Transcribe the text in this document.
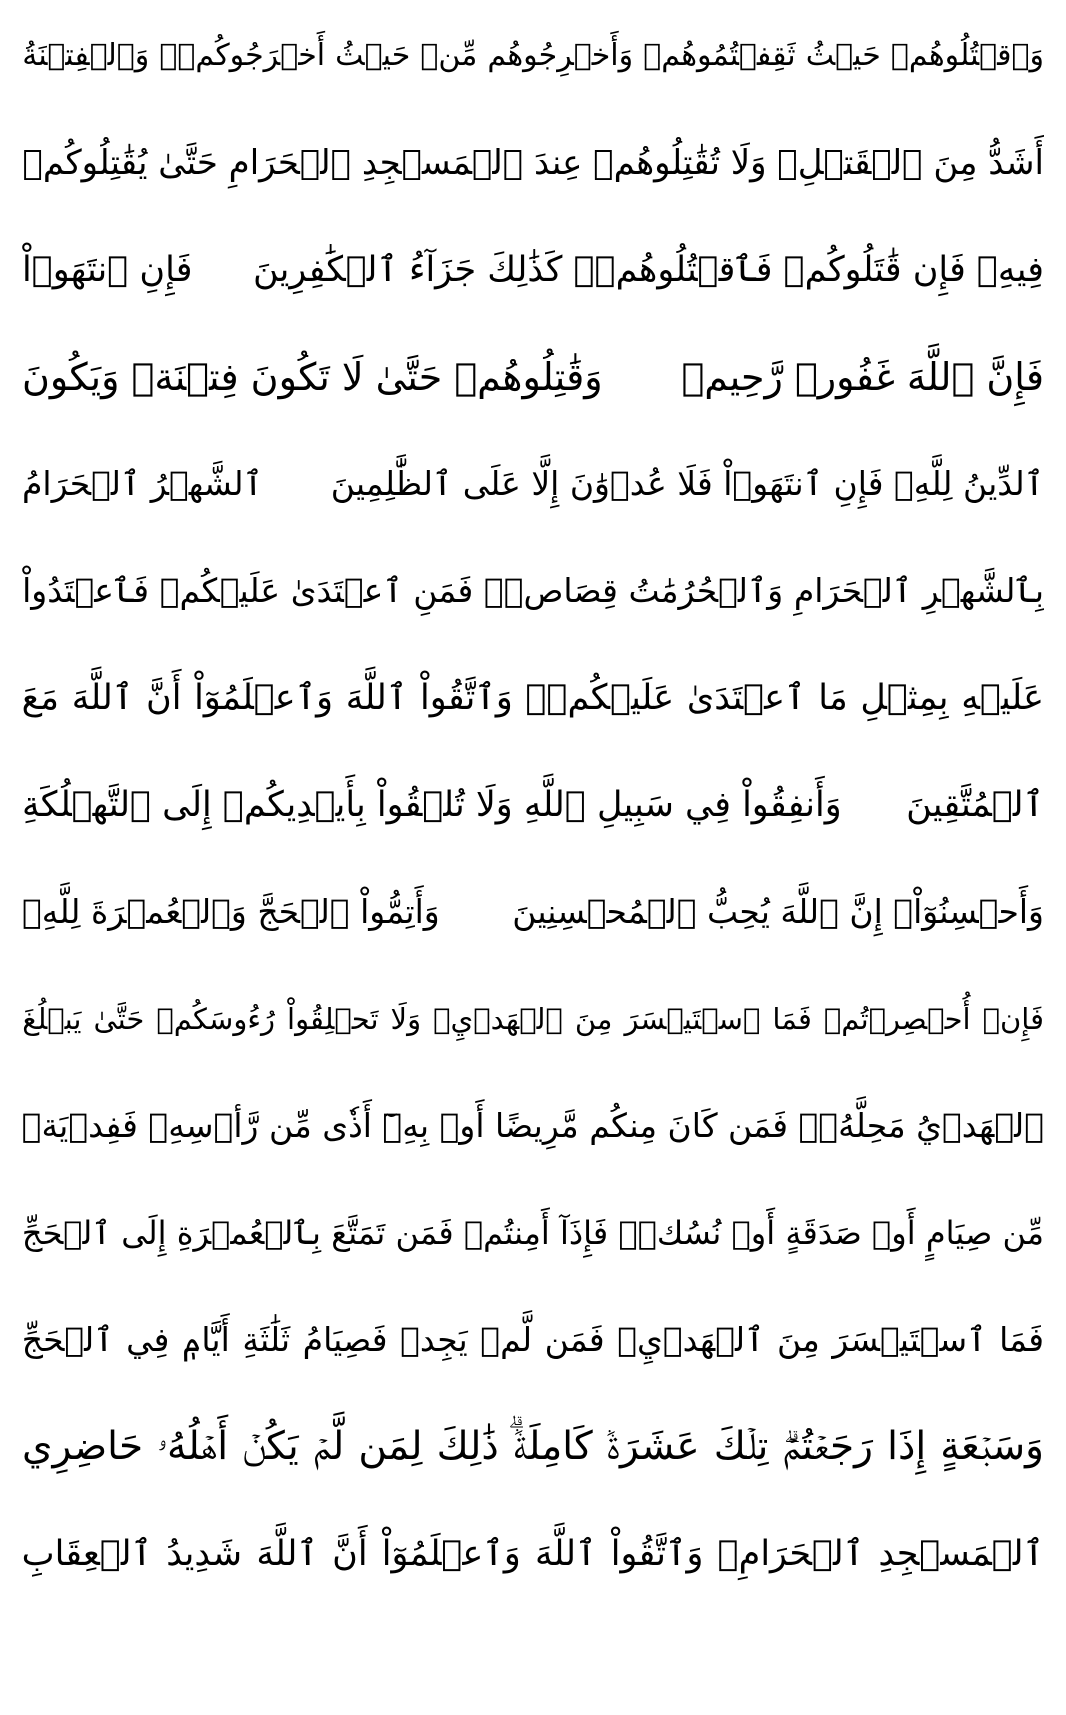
وَٱقۡتُلُوهُمۡ حَيۡثُ ثَقِفۡتُمُوهُمۡ وَأَخۡرِجُوهُم مِّنۡ حَيۡثُ أَخۡرَجُوكُمۡۚ وَٱلۡفِتۡنَةُ
أَشَدُّ مِنَ ٱلۡقَتۡلِۚ وَلَا تُقَٰتِلُوهُمۡ عِندَ ٱلۡمَسۡجِدِ ٱلۡحَرَامِ حَتَّىٰ يُقَٰتِلُوكُمۡ
فِيهِۖ فَإِن قَٰتَلُوكُمۡ فَٱقۡتُلُوهُمۡۗ كَذَٰلِكَ جَزَآءُ ٱلۡكَٰفِرِينَ
فَإِنِ ٱنتَهَوۡاْ
فَإِنَّ ٱللَّهَ غَفُورٞ رَّحِيمٞ
وَقَٰتِلُوهُمۡ حَتَّىٰ لَا تَكُونَ فِتۡنَةٞ وَيَكُونَ
ٱلدِّينُ لِلَّهِۖ فَإِنِ ٱنتَهَوۡاْ فَلَا عُدۡوَٰنَ إِلَّا عَلَى ٱلظَّٰلِمِينَ
ٱلشَّهۡرُ ٱلۡحَرَامُ
بِٱلشَّهۡرِ ٱلۡحَرَامِ وَٱلۡحُرُمَٰتُ قِصَاصٞۚ فَمَنِ ٱعۡتَدَىٰ عَلَيۡكُمۡ فَٱعۡتَدُواْ
عَلَيۡهِ بِمِثۡلِ مَا ٱعۡتَدَىٰ عَلَيۡكُمۡۚ وَٱتَّقُواْ ٱللَّهَ وَٱعۡلَمُوٓاْ أَنَّ ٱللَّهَ مَعَ
ٱلۡمُتَّقِينَ
وَأَنفِقُواْ فِي سَبِيلِ ٱللَّهِ وَلَا تُلۡقُواْ بِأَيۡدِيكُمۡ إِلَى ٱلتَّهۡلُكَةِ
وَأَحۡسِنُوٓاْۚ إِنَّ ٱللَّهَ يُحِبُّ ٱلۡمُحۡسِنِينَ
وَأَتِمُّواْ ٱلۡحَجَّ وَٱلۡعُمۡرَةَ لِلَّهِۚ
فَإِنۡ أُحۡصِرۡتُمۡ فَمَا ٱسۡتَيۡسَرَ مِنَ ٱلۡهَدۡيِۖ وَلَا تَحۡلِقُواْ رُءُوسَكُمۡ حَتَّىٰ يَبۡلُغَ
ٱلۡهَدۡيُ مَحِلَّهُۥۚ فَمَن كَانَ مِنكُم مَّرِيضًا أَوۡ بِهِۦٓ أَذٗى مِّن رَّأۡسِهِۦ فَفِدۡيَةٞ
مِّن صِيَامٍ أَوۡ صَدَقَةٍ أَوۡ نُسُكٖۚ فَإِذَآ أَمِنتُمۡ فَمَن تَمَتَّعَ بِٱلۡعُمۡرَةِ إِلَى ٱلۡحَجِّ
فَمَا ٱسۡتَيۡسَرَ مِنَ ٱلۡهَدۡيِۚ فَمَن لَّمۡ يَجِدۡ فَصِيَامُ ثَلَٰثَةِ أَيَّامٖ فِي ٱلۡحَجِّ
وَسَبۡعَةٍ إِذَا رَجَعۡتُمۡۗ تِلۡكَ عَشَرَةٞ كَامِلَةٞۗ ذَٰلِكَ لِمَن لَّمۡ يَكُنۡ أَهۡلُهُۥ حَاضِرِي
ٱلۡمَسۡجِدِ ٱلۡحَرَامِۚ وَٱتَّقُواْ ٱللَّهَ وَٱعۡلَمُوٓاْ أَنَّ ٱللَّهَ شَدِيدُ ٱلۡعِقَابِ
